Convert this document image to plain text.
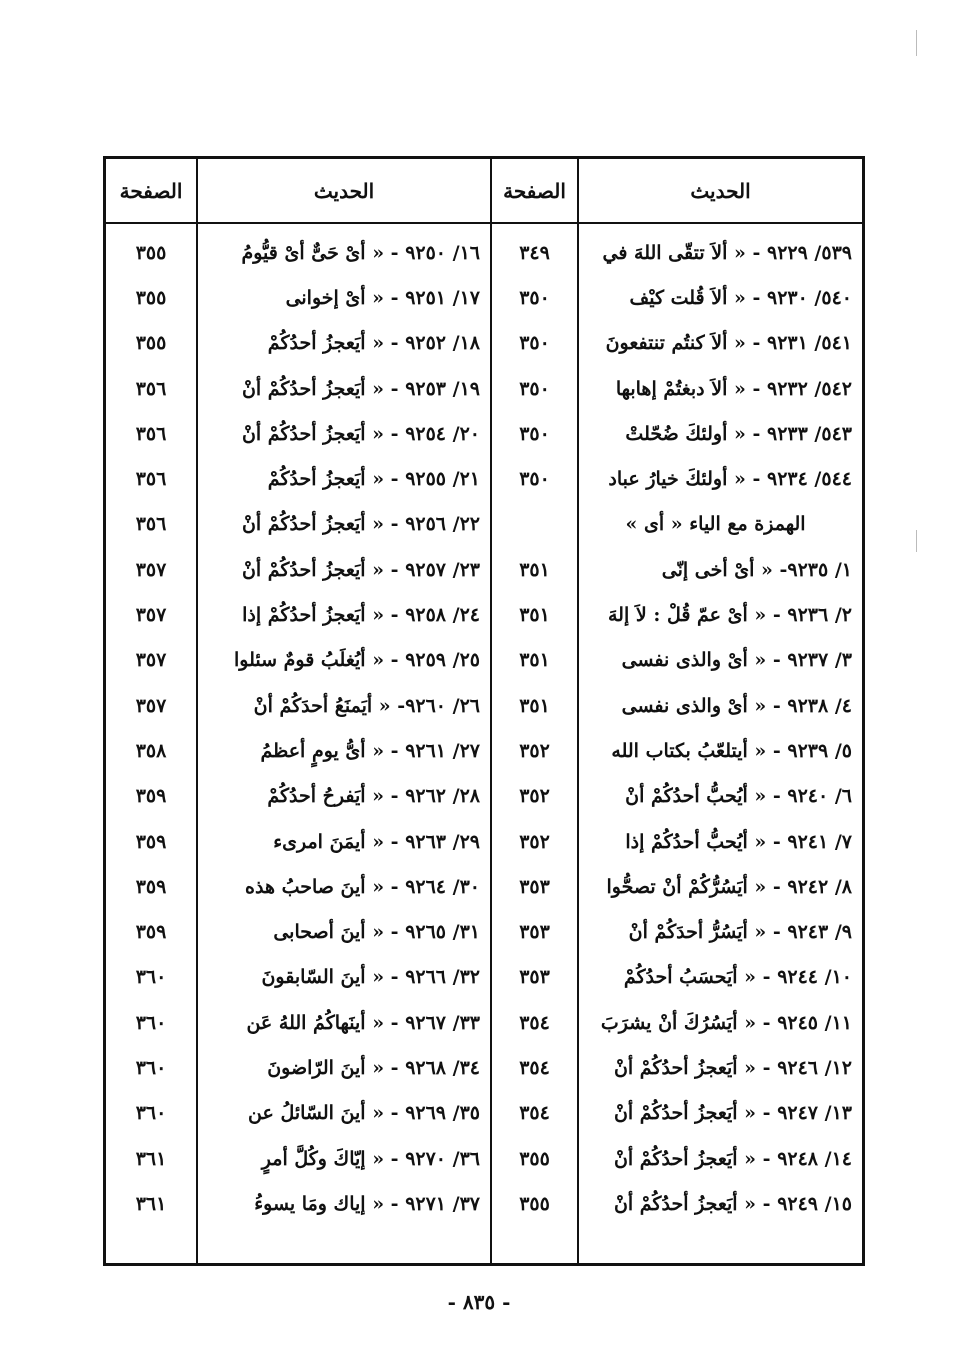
الحديث
الصفحة
الحديث
الصفحة
٥٣٩/ ٩٢٢٩ - « ألاَ تتقّى اللهَ في
٥٤٠/ ٩٢٣٠ - « ألاَ قُلت كيْف
٥٤١/ ٩٢٣١ - « ألاَ كنتُم تنتفعونَ
٥٤٢/ ٩٢٣٢ - « ألاَ دبغتُمْ إهابها
٥٤٣/ ٩٢٣٣ - « أولئكَ ضُحّلتْ
٥٤٤/ ٩٢٣٤ - « أولئكَ خيارُ عباد
الهمزة مع الياء « أى »
١/ ٩٢٣٥- « أىْ أخى إنّى
٢/ ٩٢٣٦ - « أىْ عمّ قُلْ : لاَ إلهَ
٣/ ٩٢٣٧ - « أىْ والذى نفسى
٤/ ٩٢٣٨ - « أىْ والذى نفسى
٥/ ٩٢٣٩ - « أيتلعّبُ بكتاب الله
٦/ ٩٢٤٠ - « أيُحبُّ أحدُكُمْ أنْ
٧/ ٩٢٤١ - « أيُحبُّ أحدُكُمْ إذا
٨/ ٩٢٤٢ - « أيَسُرُّكُمْ أنْ تصحُّوا
٩/ ٩٢٤٣ - « أيَسُرُّ أحدَكُمْ أنْ
١٠/ ٩٢٤٤ - « أيَحسَبُ أحدُكُمْ
١١/ ٩٢٤٥ - « أيَسُرُكَ أنْ يشرَبَ
١٢/ ٩٢٤٦ - « أيَعجزُ أحدُكُمْ أنْ
١٣/ ٩٢٤٧ - « أيَعجزُ أحدُكُمْ أنْ
١٤/ ٩٢٤٨ - « أيَعجزُ أحدُكُمْ أنْ
١٥/ ٩٢٤٩ - « أيَعجزُ أحدُكُمْ أنْ
٣٤٩
٣٥٠
٣٥٠
٣٥٠
٣٥٠
٣٥٠
٣٥١
٣٥١
٣٥١
٣٥١
٣٥٢
٣٥٢
٣٥٢
٣٥٣
٣٥٣
٣٥٣
٣٥٤
٣٥٤
٣٥٤
٣٥٥
٣٥٥
١٦/ ٩٢٥٠ - « أىْ حَىٌّ أىْ قيُّومُ
١٧/ ٩٢٥١ - « أىْ إخوانى
١٨/ ٩٢٥٢ - « أيَعجزُ أحدُكُمْ
١٩/ ٩٢٥٣ - « أيَعجزُ أحدُكُمْ أنْ
٢٠/ ٩٢٥٤ - « أيَعجزُ أحدُكُمْ أنْ
٢١/ ٩٢٥٥ - « أيَعجزُ أحدُكُمْ
٢٢/ ٩٢٥٦ - « أيَعجزُ أحدُكُمْ أنْ
٢٣/ ٩٢٥٧ - « أيَعجزُ أحدُكُمْ أنْ
٢٤/ ٩٢٥٨ - « أيَعجزُ أحدُكُمْ إذا
٢٥/ ٩٢٥٩ - « أيُغلَبُ قومٌ سئلوا
٢٦/ ٩٢٦٠- « أيَمنَعُ أحدَكُمْ أنْ
٢٧/ ٩٢٦١ - « أىُّ يومٍ أعظمُ
٢٨/ ٩٢٦٢ - « أيَفرحُ أحدُكُمْ
٢٩/ ٩٢٦٣ - « أيمَنَ امرىء
٣٠/ ٩٢٦٤ - « أينَ صاحبُ هذه
٣١/ ٩٢٦٥ - « أينَ أصحابى
٣٢/ ٩٢٦٦ - « أينَ السّابقونَ
٣٣/ ٩٢٦٧ - « أينَهاكُمُ اللهُ عَن
٣٤/ ٩٢٦٨ - « أينَ الرّاضونَ
٣٥/ ٩٢٦٩ - « أينَ السّائلُ عن
٣٦/ ٩٢٧٠ - « إيّاكَ وكُلَّ أمرٍ
٣٧/ ٩٢٧١ - « إياك ومَا يسوءُ
٣٥٥
٣٥٥
٣٥٥
٣٥٦
٣٥٦
٣٥٦
٣٥٦
٣٥٧
٣٥٧
٣٥٧
٣٥٧
٣٥٨
٣٥٩
٣٥٩
٣٥٩
٣٥٩
٣٦٠
٣٦٠
٣٦٠
٣٦٠
٣٦١
٣٦١
- ٨٣٥ -
